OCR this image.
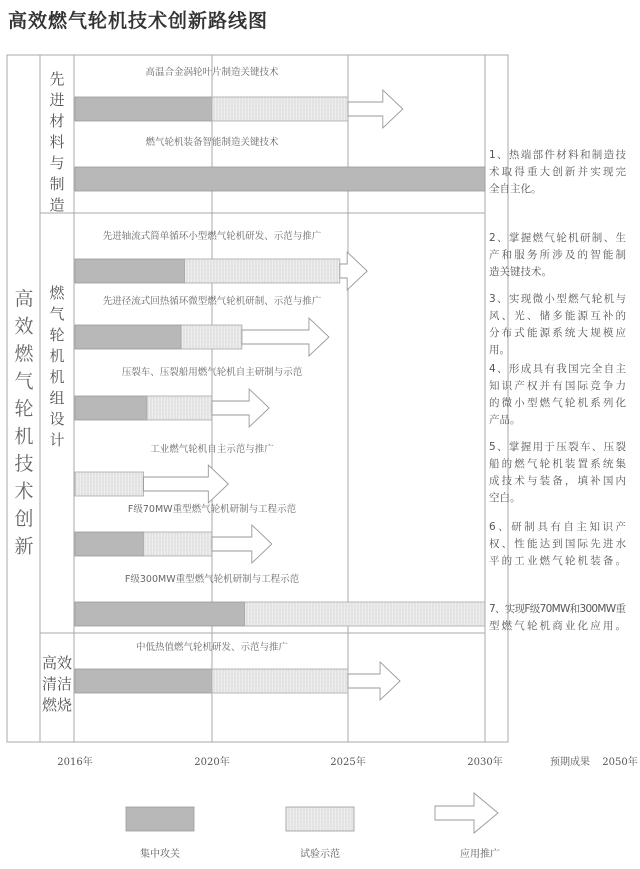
高效燃气轮机技术创新路线图
高
效
燃
气
轮
机
技
术
创
新
先
进
材
料
与
制
造
燃
气
轮
机
机
组
设
计
高效
清洁
燃烧
高温合金涡轮叶片制造关键技术
燃气轮机装备智能制造关键技术
先进轴流式简单循环小型燃气轮机研发、示范与推广
先进径流式回热循环微型燃气轮机研制、示范与推广
压裂车、压裂船用燃气轮机自主研制与示范
工业燃气轮机自主示范与推广
F级70MW重型燃气轮机研制与工程示范
F级300MW重型燃气轮机研制与工程示范
中低热值燃气轮机研发、示范与推广
1、热端部件材料和制造技
术取得重大创新并实现完
全自主化。
2、掌握燃气轮机研制、生
产和服务所涉及的智能制
造关键技术。
3、实现微小型燃气轮机与
风、光、储多能源互补的
分布式能源系统大规模应
用。
4、形成具有我国完全自主
知识产权并有国际竞争力
的微小型燃气轮机系列化
产品。
5、掌握用于压裂车、压裂
船的燃气轮机装置系统集
成技术与装备，填补国内
空白。
6、研制具有自主知识产
权、性能达到国际先进水
平的工业燃气轮机装备。
7、实现F级70MW和300MW重
型燃气轮机商业化应用。
2016年	2020年	2025年	2030年	预期成果 2050年
集中攻关	试验示范	应用推广
